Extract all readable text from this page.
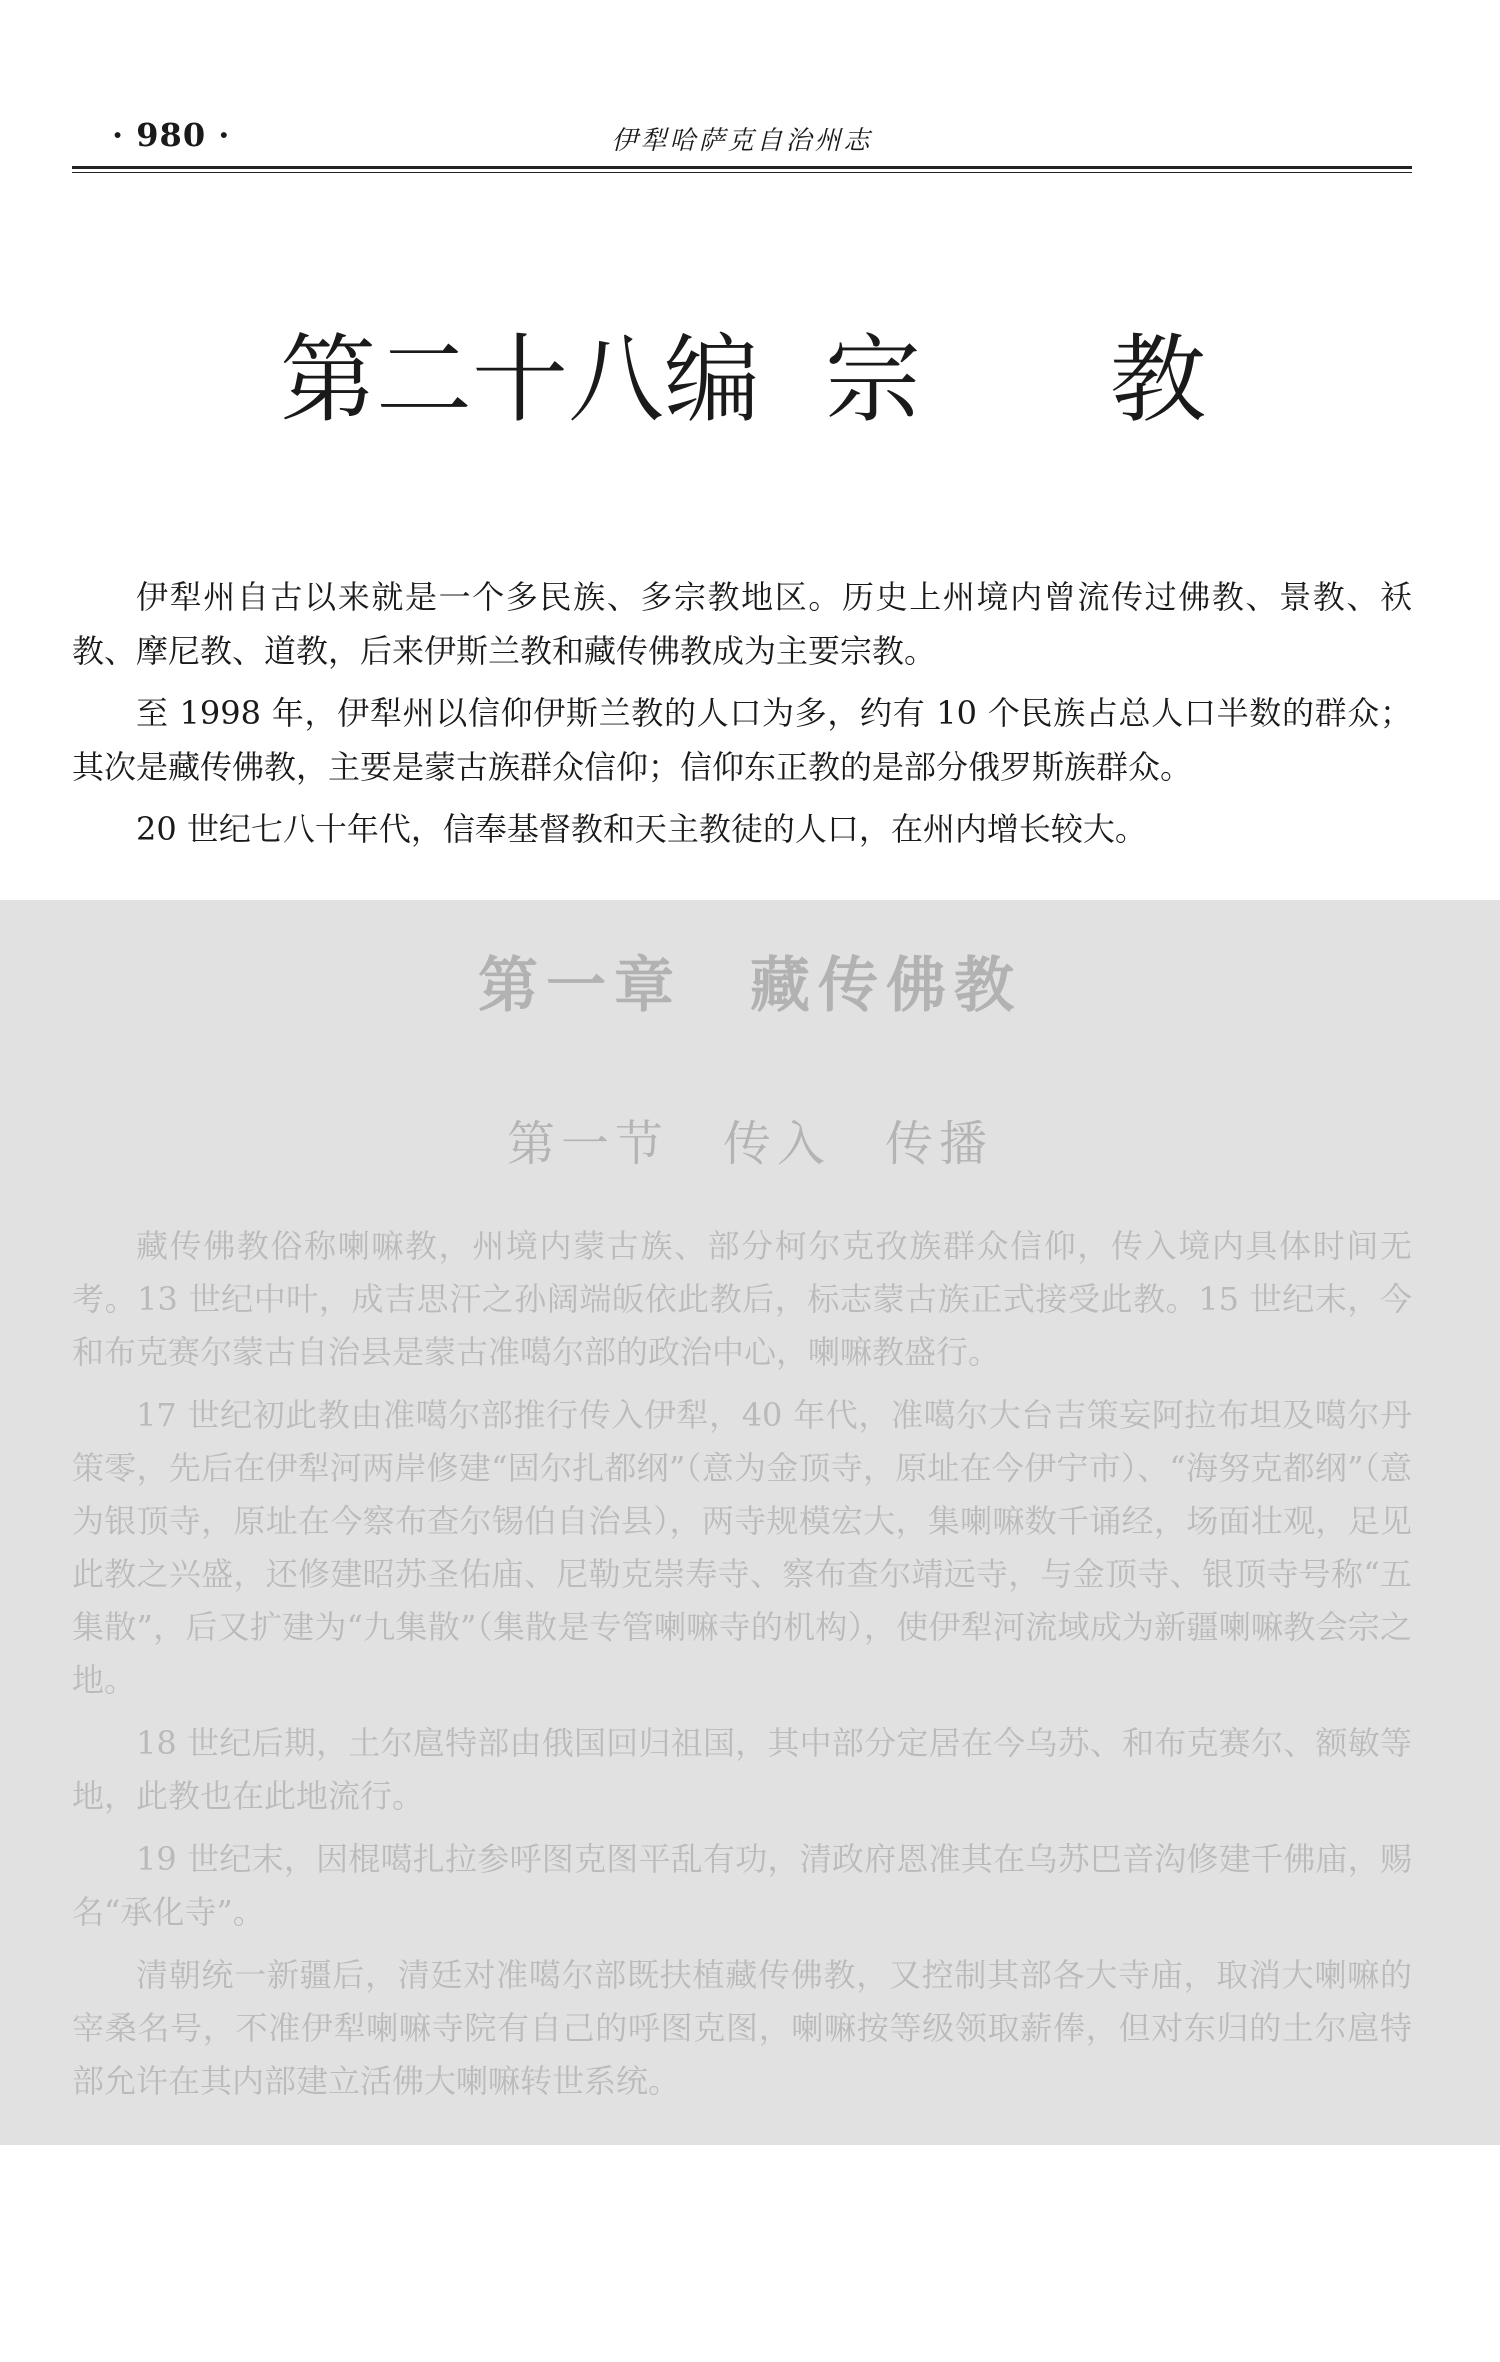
· 980 ·	伊犁哈萨克自治州志
第二十八编 宗 教

伊犁州自古以来就是一个多民族、多宗教地区。历史上州境内曾流传过佛教、景教、袄教、摩尼教、道教，后来伊斯兰教和藏传佛教成为主要宗教。

至 1998 年，伊犁州以信仰伊斯兰教的人口为多，约有 10 个民族占总人口半数的群众；其次是藏传佛教，主要是蒙古族群众信仰；信仰东正教的是部分俄罗斯族群众。

20 世纪七八十年代，信奉基督教和天主教徒的人口，在州内增长较大。

第一章　藏传佛教
第一节　传入　传播

藏传佛教俗称喇嘛教，州境内蒙古族、部分柯尔克孜族群众信仰，传入境内具体时间无考。13 世纪中叶，成吉思汗之孙阔端皈依此教后，标志蒙古族正式接受此教。15 世纪末，今和布克赛尔蒙古自治县是蒙古准噶尔部的政治中心，喇嘛教盛行。

17 世纪初此教由准噶尔部推行传入伊犁，40 年代，准噶尔大台吉策妄阿拉布坦及噶尔丹策零，先后在伊犁河两岸修建“固尔扎都纲”（意为金顶寺，原址在今伊宁市）、“海努克都纲”（意为银顶寺，原址在今察布查尔锡伯自治县），两寺规模宏大，集喇嘛数千诵经，场面壮观，足见此教之兴盛，还修建昭苏圣佑庙、尼勒克崇寿寺、察布查尔靖远寺，与金顶寺、银顶寺号称“五集散”，后又扩建为“九集散”（集散是专管喇嘛寺的机构），使伊犁河流域成为新疆喇嘛教会宗之地。

18 世纪后期，土尔扈特部由俄国回归祖国，其中部分定居在今乌苏、和布克赛尔、额敏等地，此教也在此地流行。

19 世纪末，因棍噶扎拉参呼图克图平乱有功，清政府恩准其在乌苏巴音沟修建千佛庙，赐名“承化寺”。

清朝统一新疆后，清廷对准噶尔部既扶植藏传佛教，又控制其部各大寺庙，取消大喇嘛的宰桑名号，不准伊犁喇嘛寺院有自己的呼图克图，喇嘛按等级领取薪俸，但对东归的土尔扈特部允许在其内部建立活佛大喇嘛转世系统。
